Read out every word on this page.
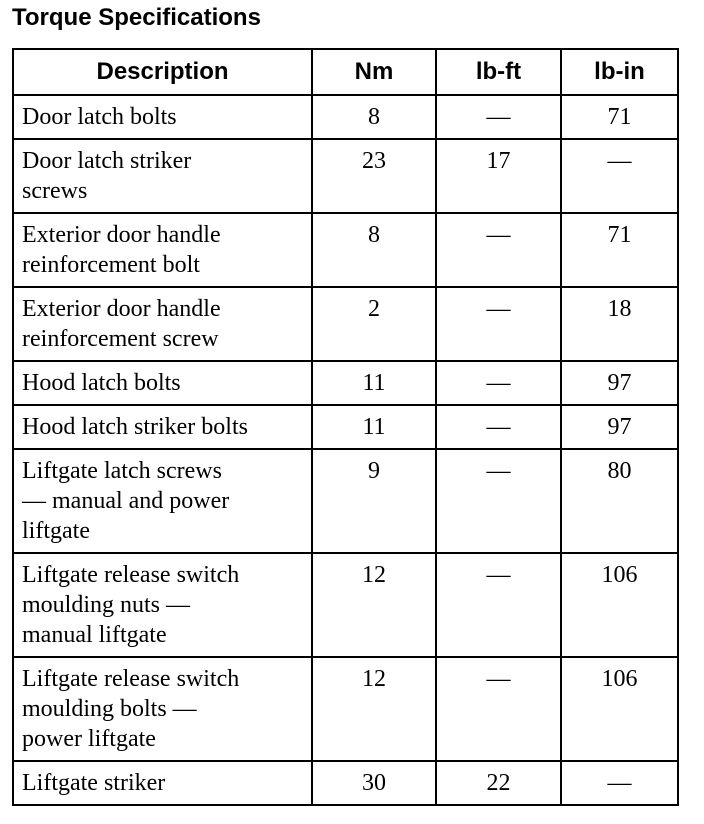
Torque Specifications
Description	Nm	lb-ft	lb-in
Door latch bolts	8	—	71
Door latch striker
screws	23	17	—
Exterior door handle
reinforcement bolt	8	—	71
Exterior door handle
reinforcement screw	2	—	18
Hood latch bolts	11	—	97
Hood latch striker bolts	11	—	97
Liftgate latch screws
— manual and power
liftgate	9	—	80
Liftgate release switch
moulding nuts —
manual liftgate	12	—	106
Liftgate release switch
moulding bolts —
power liftgate	12	—	106
Liftgate striker	30	22	—
